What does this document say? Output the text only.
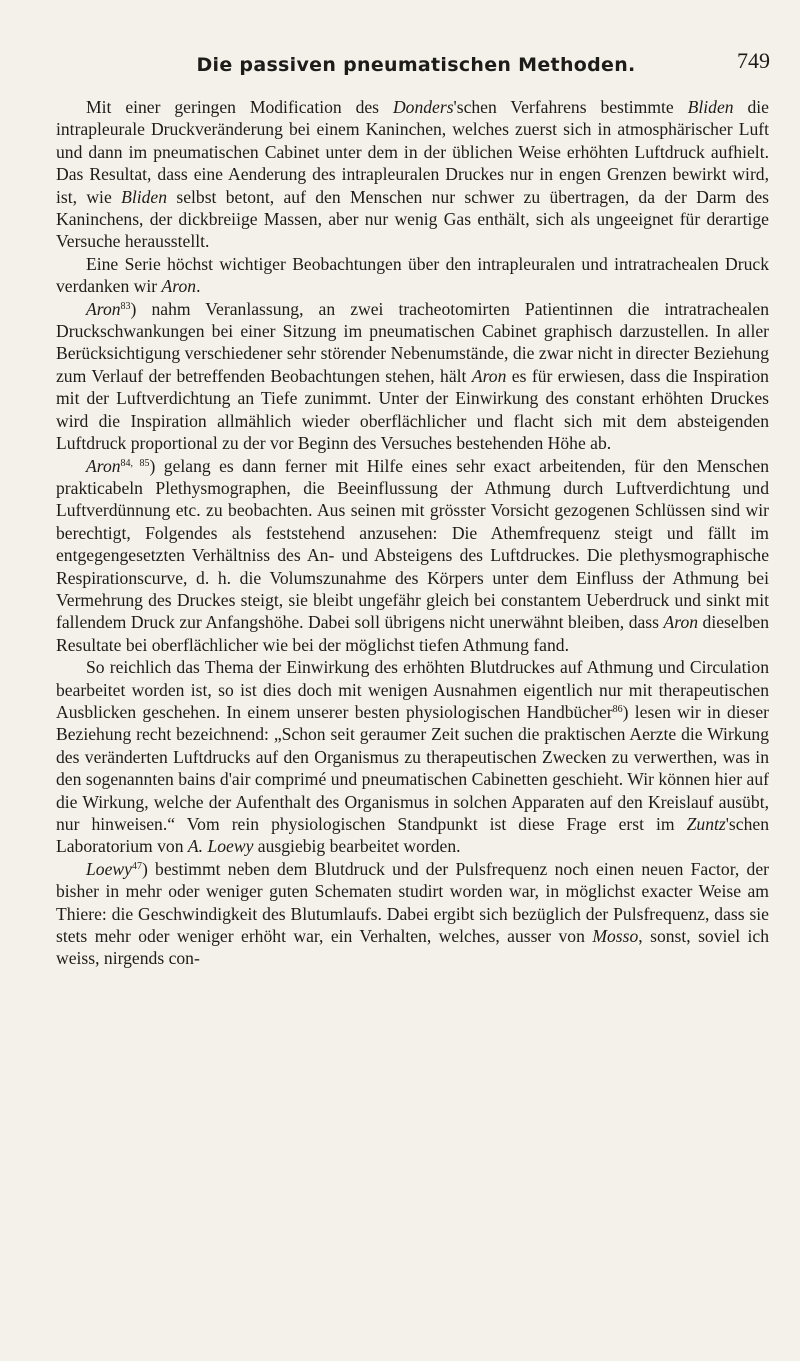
Die passiven pneumatischen Methoden.	749

Mit einer geringen Modification des Donders'schen Verfahrens bestimmte Bliden die intrapleurale Druckveränderung bei einem Kaninchen, welches zuerst sich in atmosphärischer Luft und dann im pneumatischen Cabinet unter dem in der üblichen Weise erhöhten Luftdruck aufhielt. Das Resultat, dass eine Aenderung des intrapleuralen Druckes nur in engen Grenzen bewirkt wird, ist, wie Bliden selbst betont, auf den Menschen nur schwer zu übertragen, da der Darm des Kaninchens, der dickbreiige Massen, aber nur wenig Gas enthält, sich als ungeeignet für derartige Versuche herausstellt.

Eine Serie höchst wichtiger Beobachtungen über den intrapleuralen und intratrachealen Druck verdanken wir Aron.

Aron$^{83}$) nahm Veranlassung, an zwei tracheotomirten Patientinnen die intratrachealen Druckschwankungen bei einer Sitzung im pneumatischen Cabinet graphisch darzustellen. In aller Berücksichtigung verschiedener sehr störender Nebenumstände, die zwar nicht in directer Beziehung zum Verlauf der betreffenden Beobachtungen stehen, hält Aron es für erwiesen, dass die Inspiration mit der Luftverdichtung an Tiefe zunimmt. Unter der Einwirkung des constant erhöhten Druckes wird die Inspiration allmählich wieder oberflächlicher und flacht sich mit dem absteigenden Luftdruck proportional zu der vor Beginn des Versuches bestehenden Höhe ab.

Aron$^{84, 85}$) gelang es dann ferner mit Hilfe eines sehr exact arbeitenden, für den Menschen prakticabeln Plethysmographen, die Beeinflussung der Athmung durch Luftverdichtung und Luftverdünnung etc. zu beobachten. Aus seinen mit grösster Vorsicht gezogenen Schlüssen sind wir berechtigt, Folgendes als feststehend anzusehen: Die Athemfrequenz steigt und fällt im entgegengesetzten Verhältniss des An- und Absteigens des Luftdruckes. Die plethysmographische Respirationscurve, d. h. die Volumszunahme des Körpers unter dem Einfluss der Athmung bei Vermehrung des Druckes steigt, sie bleibt ungefähr gleich bei constantem Ueberdruck und sinkt mit fallendem Druck zur Anfangshöhe. Dabei soll übrigens nicht unerwähnt bleiben, dass Aron dieselben Resultate bei oberflächlicher wie bei der möglichst tiefen Athmung fand.

So reichlich das Thema der Einwirkung des erhöhten Blutdruckes auf Athmung und Circulation bearbeitet worden ist, so ist dies doch mit wenigen Ausnahmen eigentlich nur mit therapeutischen Ausblicken geschehen. In einem unserer besten physiologischen Handbücher$^{86}$) lesen wir in dieser Beziehung recht bezeichnend: „Schon seit geraumer Zeit suchen die praktischen Aerzte die Wirkung des veränderten Luftdrucks auf den Organismus zu therapeutischen Zwecken zu verwerthen, was in den sogenannten bains d'air comprimé und pneumatischen Cabinetten geschieht. Wir können hier auf die Wirkung, welche der Aufenthalt des Organismus in solchen Apparaten auf den Kreislauf ausübt, nur hinweisen.“ Vom rein physiologischen Standpunkt ist diese Frage erst im Zuntz'schen Laboratorium von A. Loewy ausgiebig bearbeitet worden.

Loewy$^{47}$) bestimmt neben dem Blutdruck und der Pulsfrequenz noch einen neuen Factor, der bisher in mehr oder weniger guten Schematen studirt worden war, in möglichst exacter Weise am Thiere: die Geschwindigkeit des Blutumlaufs. Dabei ergibt sich bezüglich der Pulsfrequenz, dass sie stets mehr oder weniger erhöht war, ein Verhalten, welches, ausser von Mosso, sonst, soviel ich weiss, nirgends con-
